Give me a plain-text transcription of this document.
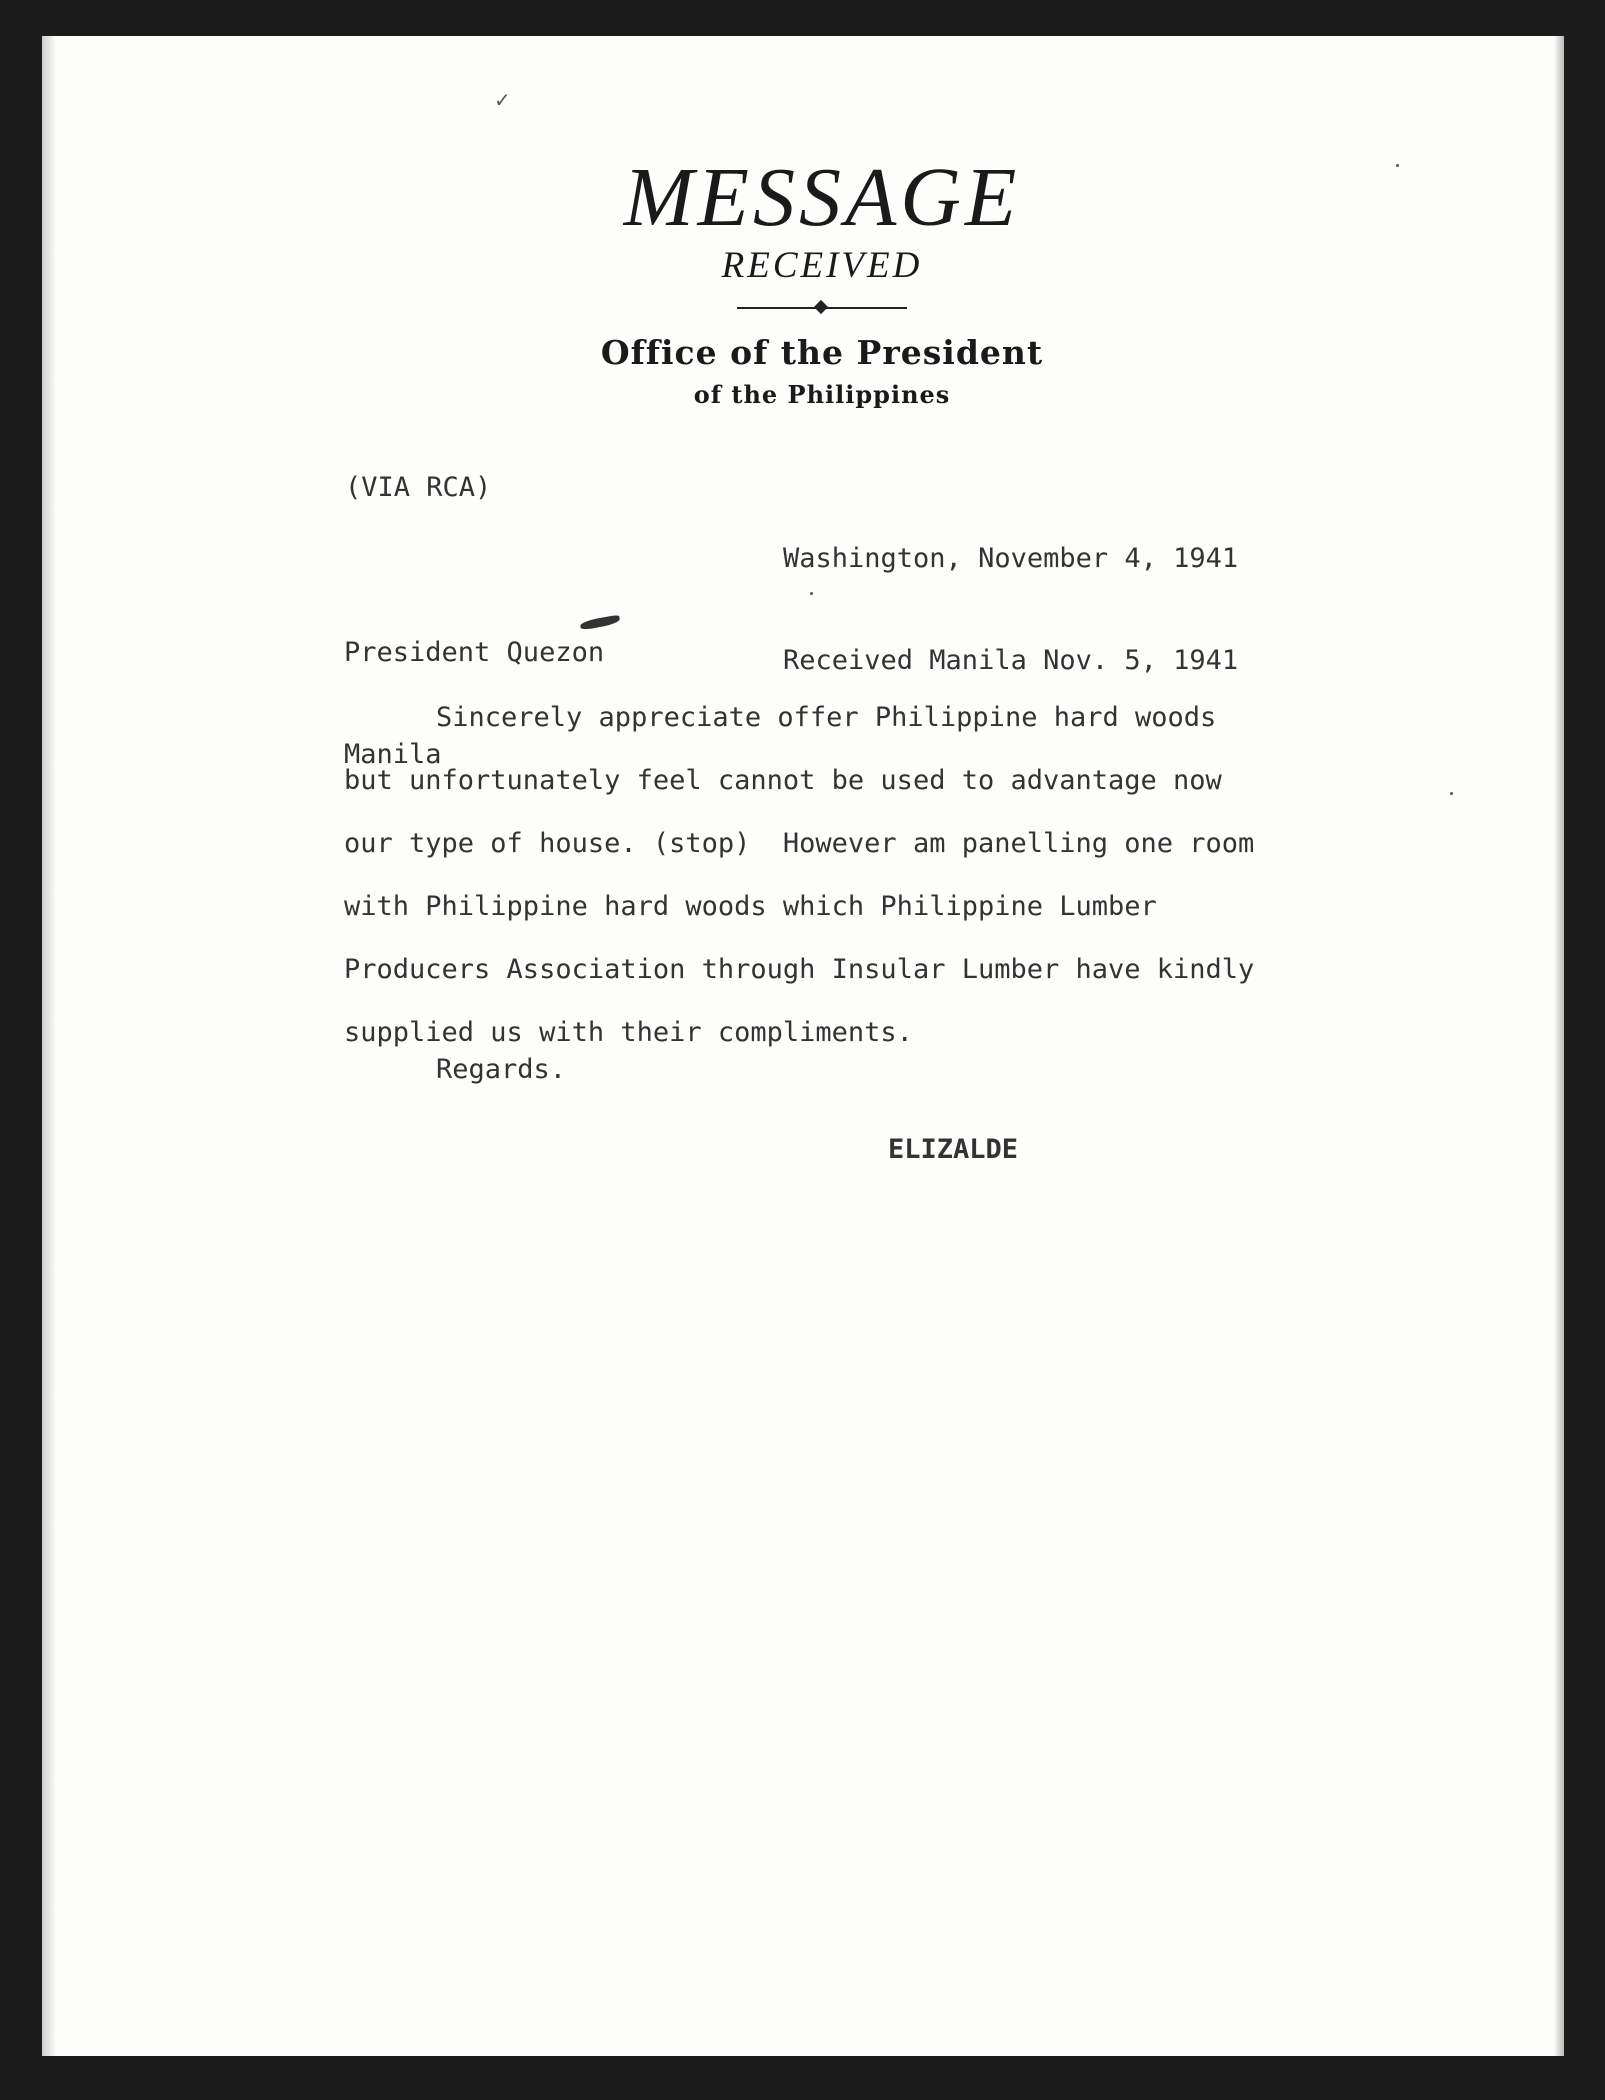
✓
MESSAGE
RECEIVED
Office of the President
of the Philippines
(VIA RCA)

Washington, November 4, 1941

Received Manila Nov. 5, 1941

President Quezon

Manila

Sincerely appreciate offer Philippine hard woods
but unfortunately feel cannot be used to advantage now
our type of house. (stop)  However am panelling one room
with Philippine hard woods which Philippine Lumber
Producers Association through Insular Lumber have kindly
supplied us with their compliments.
Regards.
ELIZALDE
